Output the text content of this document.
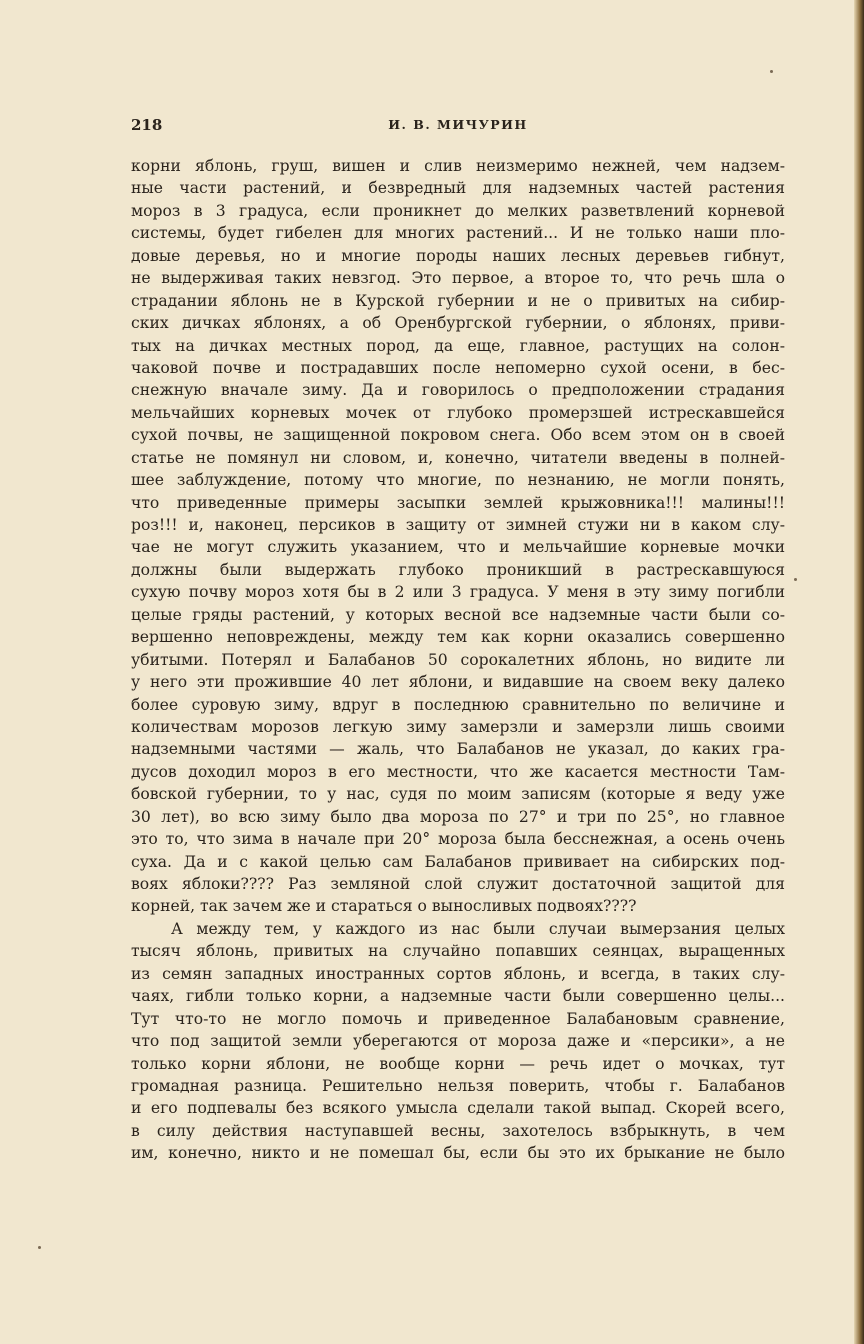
218	И. В. МИЧУРИН
корни яблонь, груш, вишен и слив неизмеримо нежней, чем надзем-
ные части растений, и безвредный для надземных частей растения
мороз в 3 градуса, если проникнет до мелких разветвлений корневой
системы, будет гибелен для многих растений... И не только наши пло-
довые деревья, но и многие породы наших лесных деревьев гибнут,
не выдерживая таких невзгод. Это первое, а второе то, что речь шла о
страдании яблонь не в Курской губернии и не о привитых на сибир-
ских дичках яблонях, а об Оренбургской губернии, о яблонях, приви-
тых на дичках местных пород, да еще, главное, растущих на солон-
чаковой почве и пострадавших после непомерно сухой осени, в бес-
снежную вначале зиму. Да и говорилось о предположении страдания
мельчайших корневых мочек от глубоко промерзшей истрескавшейся
сухой почвы, не защищенной покровом снега. Обо всем этом он в своей
статье не помянул ни словом, и, конечно, читатели введены в полней-
шее заблуждение, потому что многие, по незнанию, не могли понять,
что приведенные примеры засыпки землей крыжовника!!! малины!!!
роз!!! и, наконец, персиков в защиту от зимней стужи ни в каком слу-
чае не могут служить указанием, что и мельчайшие корневые мочки
должны были выдержать глубоко проникший в растрескавшуюся
сухую почву мороз хотя бы в 2 или 3 градуса. У меня в эту зиму погибли
целые гряды растений, у которых весной все надземные части были со-
вершенно неповреждены, между тем как корни оказались совершенно
убитыми. Потерял и Балабанов 50 сорокалетних яблонь, но видите ли
у него эти прожившие 40 лет яблони, и видавшие на своем веку далеко
более суровую зиму, вдруг в последнюю сравнительно по величине и
количествам морозов легкую зиму замерзли и замерзли лишь своими
надземными частями — жаль, что Балабанов не указал, до каких гра-
дусов доходил мороз в его местности, что же касается местности Там-
бовской губернии, то у нас, судя по моим записям (которые я веду уже
30 лет), во всю зиму было два мороза по 27° и три по 25°, но главное
это то, что зима в начале при 20° мороза была бесснежная, а осень очень
суха. Да и с какой целью сам Балабанов прививает на сибирских под-
воях яблоки???? Раз земляной слой служит достаточной защитой для
корней, так зачем же и стараться о выносливых подвоях????
А между тем, у каждого из нас были случаи вымерзания целых
тысяч яблонь, привитых на случайно попавших сеянцах, выращенных
из семян западных иностранных сортов яблонь, и всегда, в таких слу-
чаях, гибли только корни, а надземные части были совершенно целы...
Тут что-то не могло помочь и приведенное Балабановым сравнение,
что под защитой земли уберегаются от мороза даже и «персики», а не
только корни яблони, не вообще корни — речь идет о мочках, тут
громадная разница. Решительно нельзя поверить, чтобы г. Балабанов
и его подпевалы без всякого умысла сделали такой выпад. Скорей всего,
в силу действия наступавшей весны, захотелось взбрыкнуть, в чем
им, конечно, никто и не помешал бы, если бы это их брыкание не было
